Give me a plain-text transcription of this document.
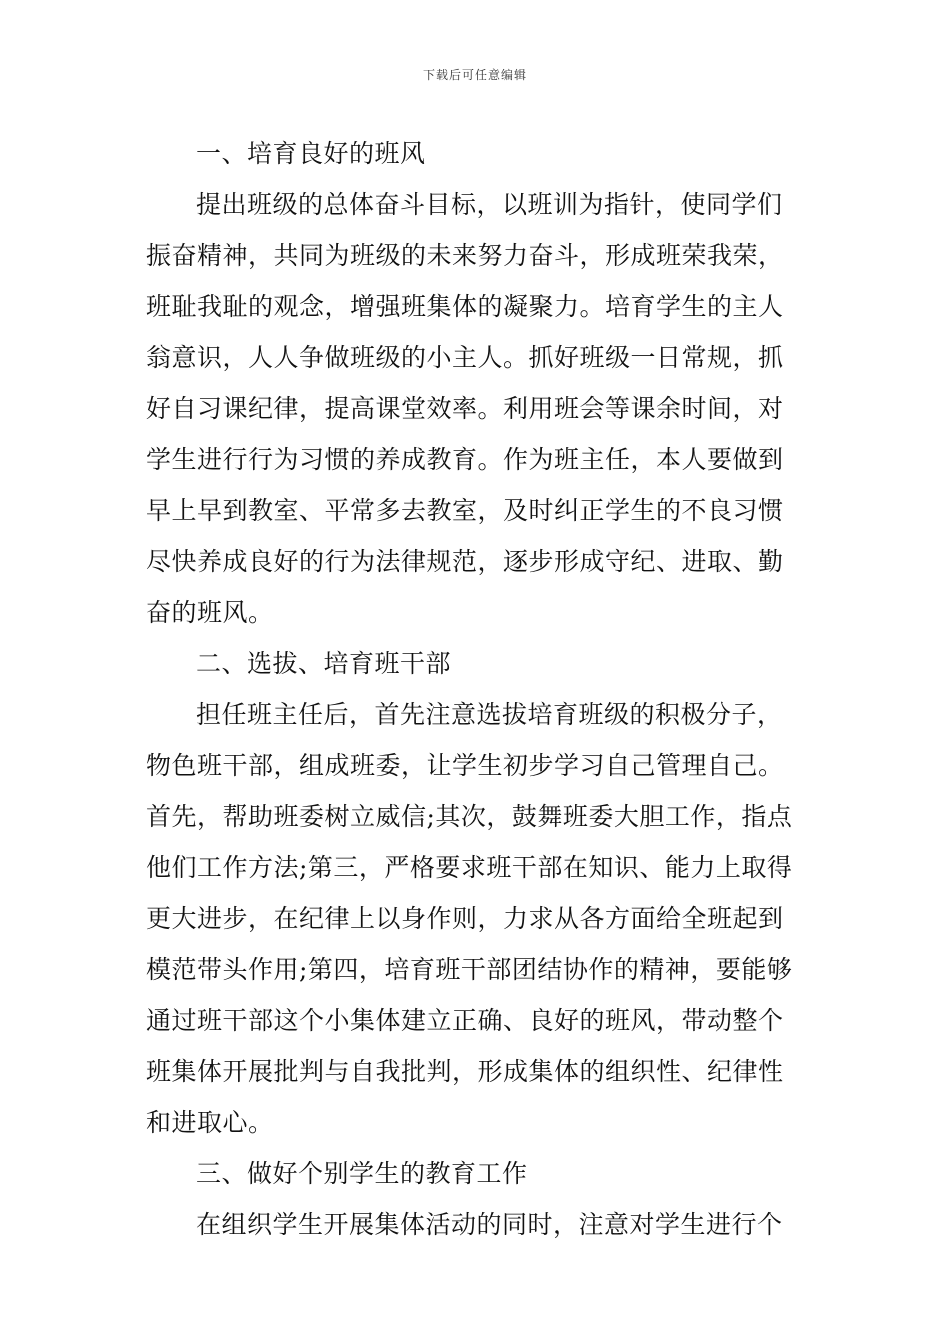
下载后可任意编辑
一、培育良好的班风
提出班级的总体奋斗目标，以班训为指针，使同学们
振奋精神，共同为班级的未来努力奋斗，形成班荣我荣，
班耻我耻的观念，增强班集体的凝聚力。培育学生的主人
翁意识，人人争做班级的小主人。抓好班级一日常规，抓
好自习课纪律，提高课堂效率。利用班会等课余时间，对
学生进行行为习惯的养成教育。作为班主任，本人要做到
早上早到教室、平常多去教室，及时纠正学生的不良习惯
尽快养成良好的行为法律规范，逐步形成守纪、进取、勤
奋的班风。
二、选拔、培育班干部
担任班主任后，首先注意选拔培育班级的积极分子，
物色班干部，组成班委，让学生初步学习自己管理自己。
首先，帮助班委树立威信;其次，鼓舞班委大胆工作，指点
他们工作方法;第三，严格要求班干部在知识、能力上取得
更大进步，在纪律上以身作则，力求从各方面给全班起到
模范带头作用;第四，培育班干部团结协作的精神，要能够
通过班干部这个小集体建立正确、良好的班风，带动整个
班集体开展批判与自我批判，形成集体的组织性、纪律性
和进取心。
三、做好个别学生的教育工作
在组织学生开展集体活动的同时，注意对学生进行个
